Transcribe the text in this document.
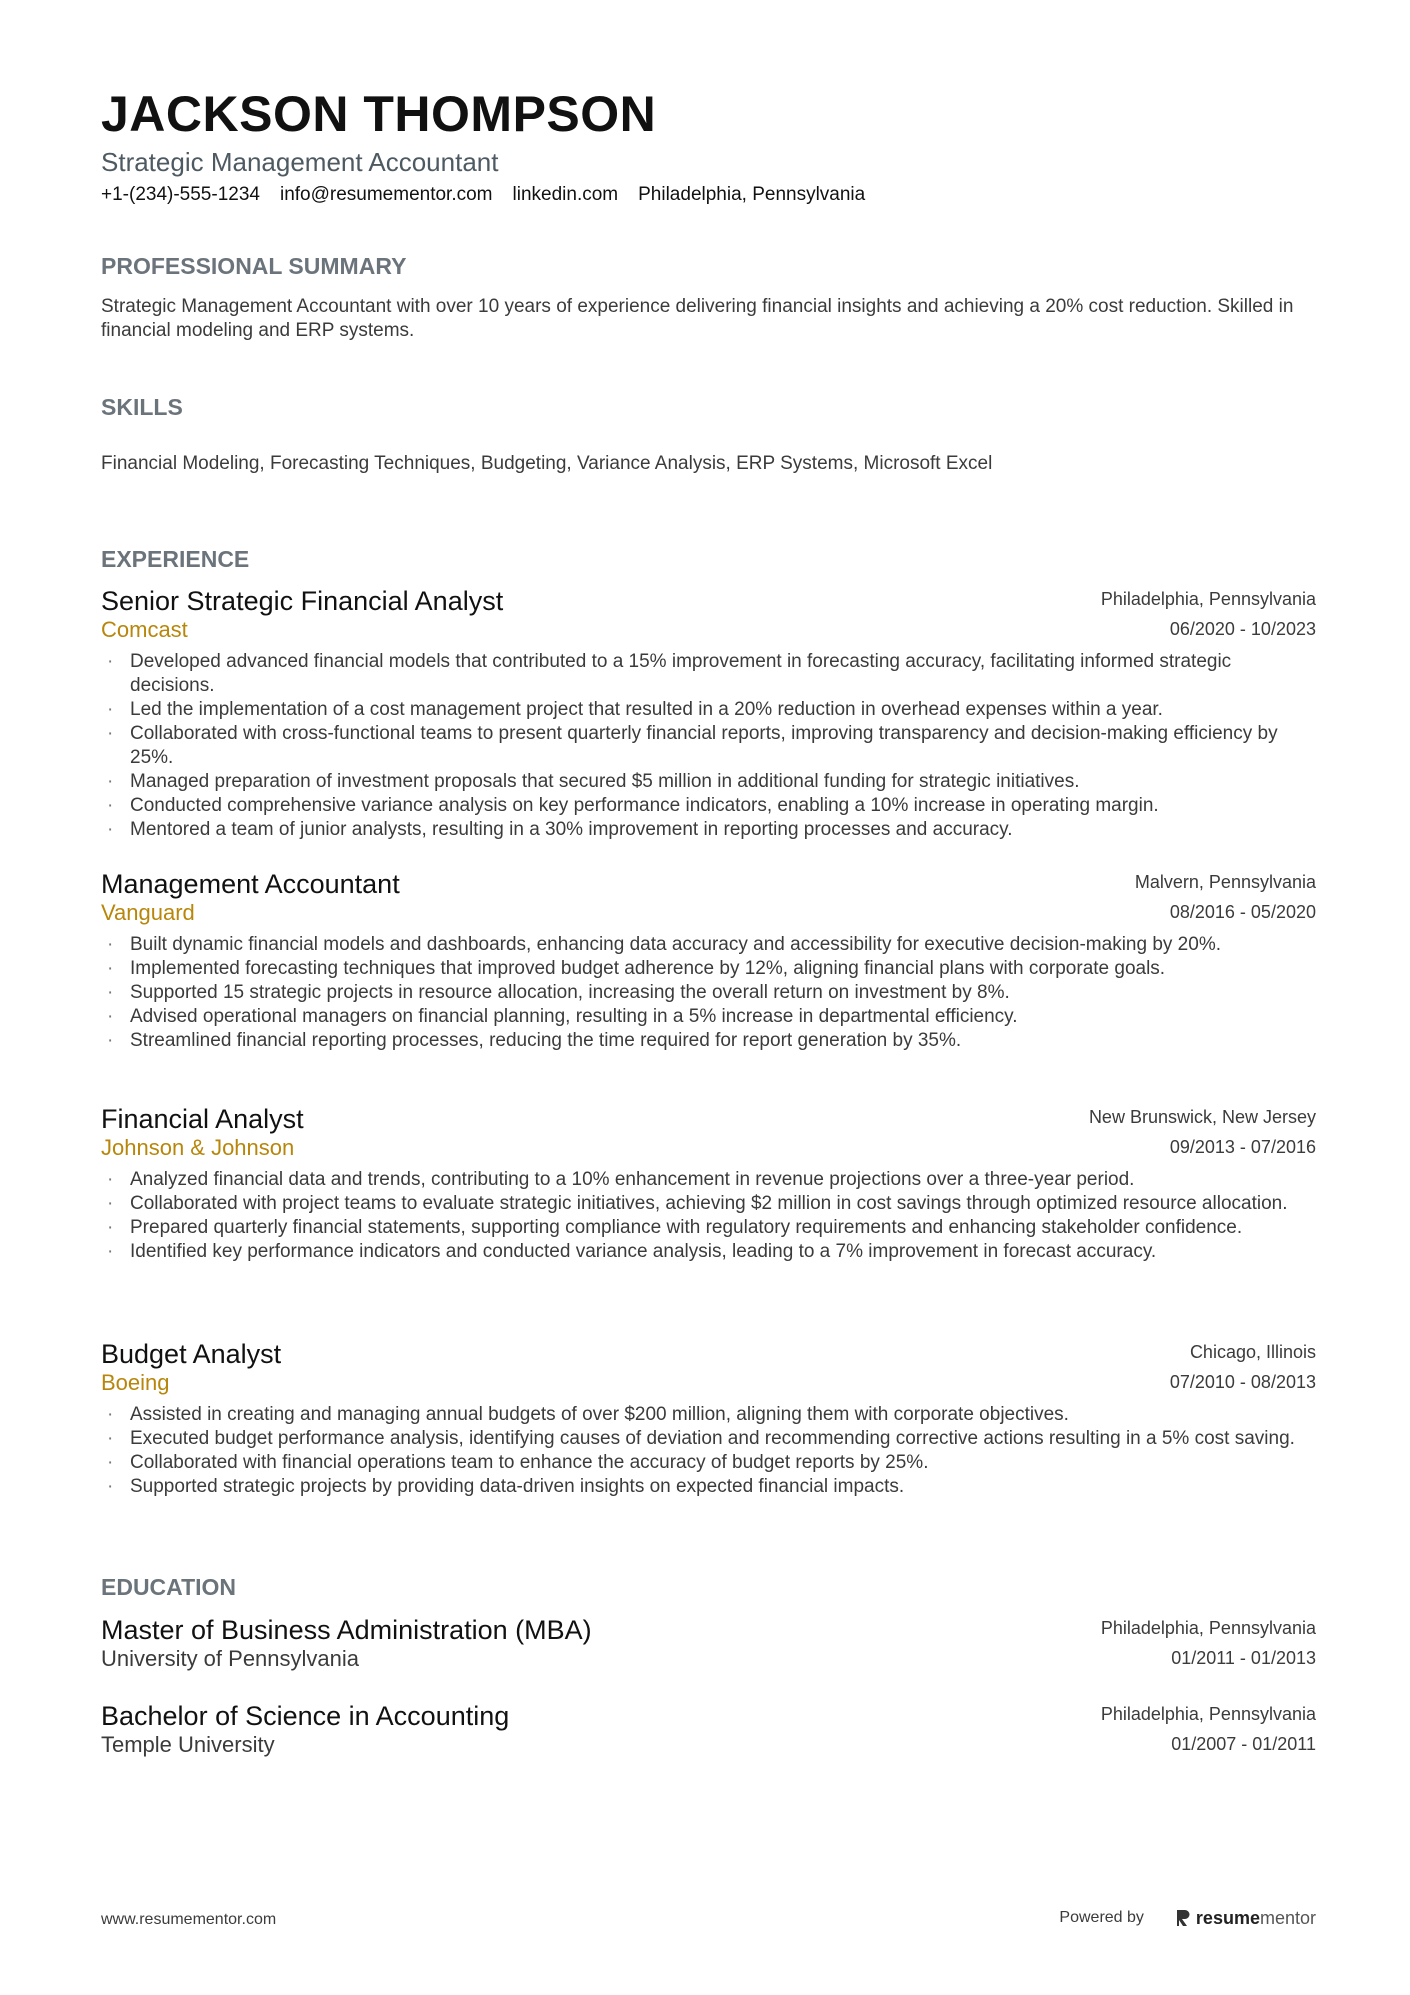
JACKSON THOMPSON
Strategic Management Accountant
+1-(234)-555-1234 info@resumementor.com linkedin.com Philadelphia, Pennsylvania
PROFESSIONAL SUMMARY
Strategic Management Accountant with over 10 years of experience delivering financial insights and achieving a 20% cost reduction. Skilled in financial modeling and ERP systems.
SKILLS
Financial Modeling, Forecasting Techniques, Budgeting, Variance Analysis, ERP Systems, Microsoft Excel
EXPERIENCE
Senior Strategic Financial Analyst
Comcast
Philadelphia, Pennsylvania
06/2020 - 10/2023
· Developed advanced financial models that contributed to a 15% improvement in forecasting accuracy, facilitating informed strategic decisions.
· Led the implementation of a cost management project that resulted in a 20% reduction in overhead expenses within a year.
· Collaborated with cross-functional teams to present quarterly financial reports, improving transparency and decision-making efficiency by 25%.
· Managed preparation of investment proposals that secured $5 million in additional funding for strategic initiatives.
· Conducted comprehensive variance analysis on key performance indicators, enabling a 10% increase in operating margin.
· Mentored a team of junior analysts, resulting in a 30% improvement in reporting processes and accuracy.
Management Accountant
Vanguard
Malvern, Pennsylvania
08/2016 - 05/2020
· Built dynamic financial models and dashboards, enhancing data accuracy and accessibility for executive decision-making by 20%.
· Implemented forecasting techniques that improved budget adherence by 12%, aligning financial plans with corporate goals.
· Supported 15 strategic projects in resource allocation, increasing the overall return on investment by 8%.
· Advised operational managers on financial planning, resulting in a 5% increase in departmental efficiency.
· Streamlined financial reporting processes, reducing the time required for report generation by 35%.
Financial Analyst
Johnson & Johnson
New Brunswick, New Jersey
09/2013 - 07/2016
· Analyzed financial data and trends, contributing to a 10% enhancement in revenue projections over a three-year period.
· Collaborated with project teams to evaluate strategic initiatives, achieving $2 million in cost savings through optimized resource allocation.
· Prepared quarterly financial statements, supporting compliance with regulatory requirements and enhancing stakeholder confidence.
· Identified key performance indicators and conducted variance analysis, leading to a 7% improvement in forecast accuracy.
Budget Analyst
Boeing
Chicago, Illinois
07/2010 - 08/2013
· Assisted in creating and managing annual budgets of over $200 million, aligning them with corporate objectives.
· Executed budget performance analysis, identifying causes of deviation and recommending corrective actions resulting in a 5% cost saving.
· Collaborated with financial operations team to enhance the accuracy of budget reports by 25%.
· Supported strategic projects by providing data-driven insights on expected financial impacts.
EDUCATION
Master of Business Administration (MBA)
University of Pennsylvania
Philadelphia, Pennsylvania
01/2011 - 01/2013
Bachelor of Science in Accounting
Temple University
Philadelphia, Pennsylvania
01/2007 - 01/2011
www.resumementor.com	Powered by	resume mentor
